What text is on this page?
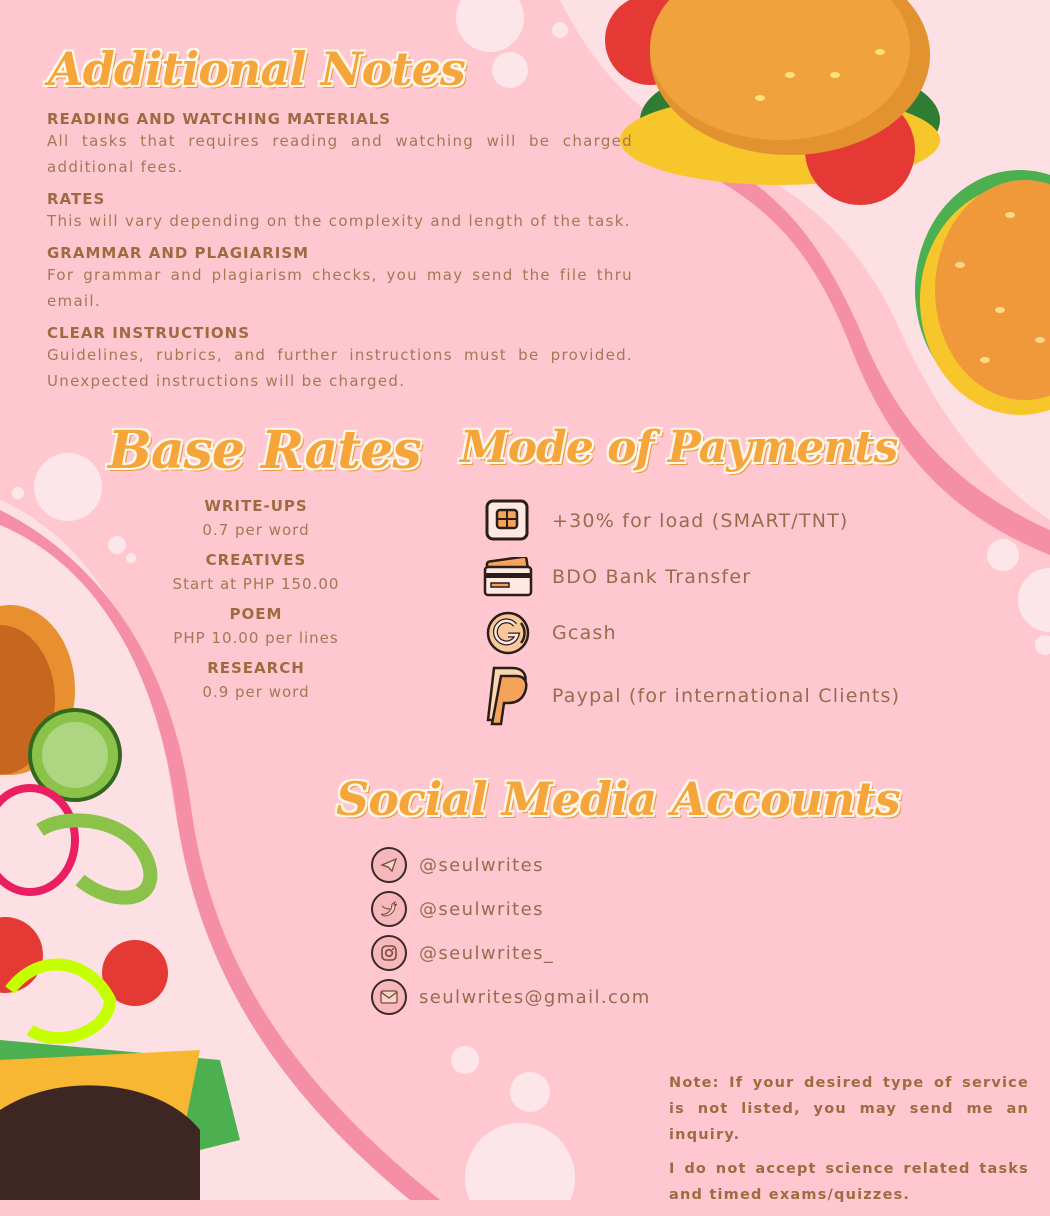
Additional Notes

READING AND WATCHING MATERIALS

All tasks that requires reading and watching will be charged additional fees.

RATES

This will vary depending on the complexity and length of the task.

GRAMMAR AND PLAGIARISM

For grammar and plagiarism checks, you may send the file thru email.

CLEAR INSTRUCTIONS

Guidelines, rubrics, and further instructions must be provided. Unexpected instructions will be charged.

Base Rates
WRITE-UPS
0.7 per word
CREATIVES
Start at PHP 150.00
POEM
PHP 10.00 per lines
RESEARCH
0.9 per word
Mode of Payments
+30% for load (SMART/TNT)
BDO Bank Transfer
Gcash
Paypal (for international Clients)
Social Media Accounts
@seulwrites
@seulwrites
@seulwrites_
seulwrites@gmail.com

Note: If your desired type of service is not listed, you may send me an inquiry.

I do not accept science related tasks and timed exams/quizzes.
